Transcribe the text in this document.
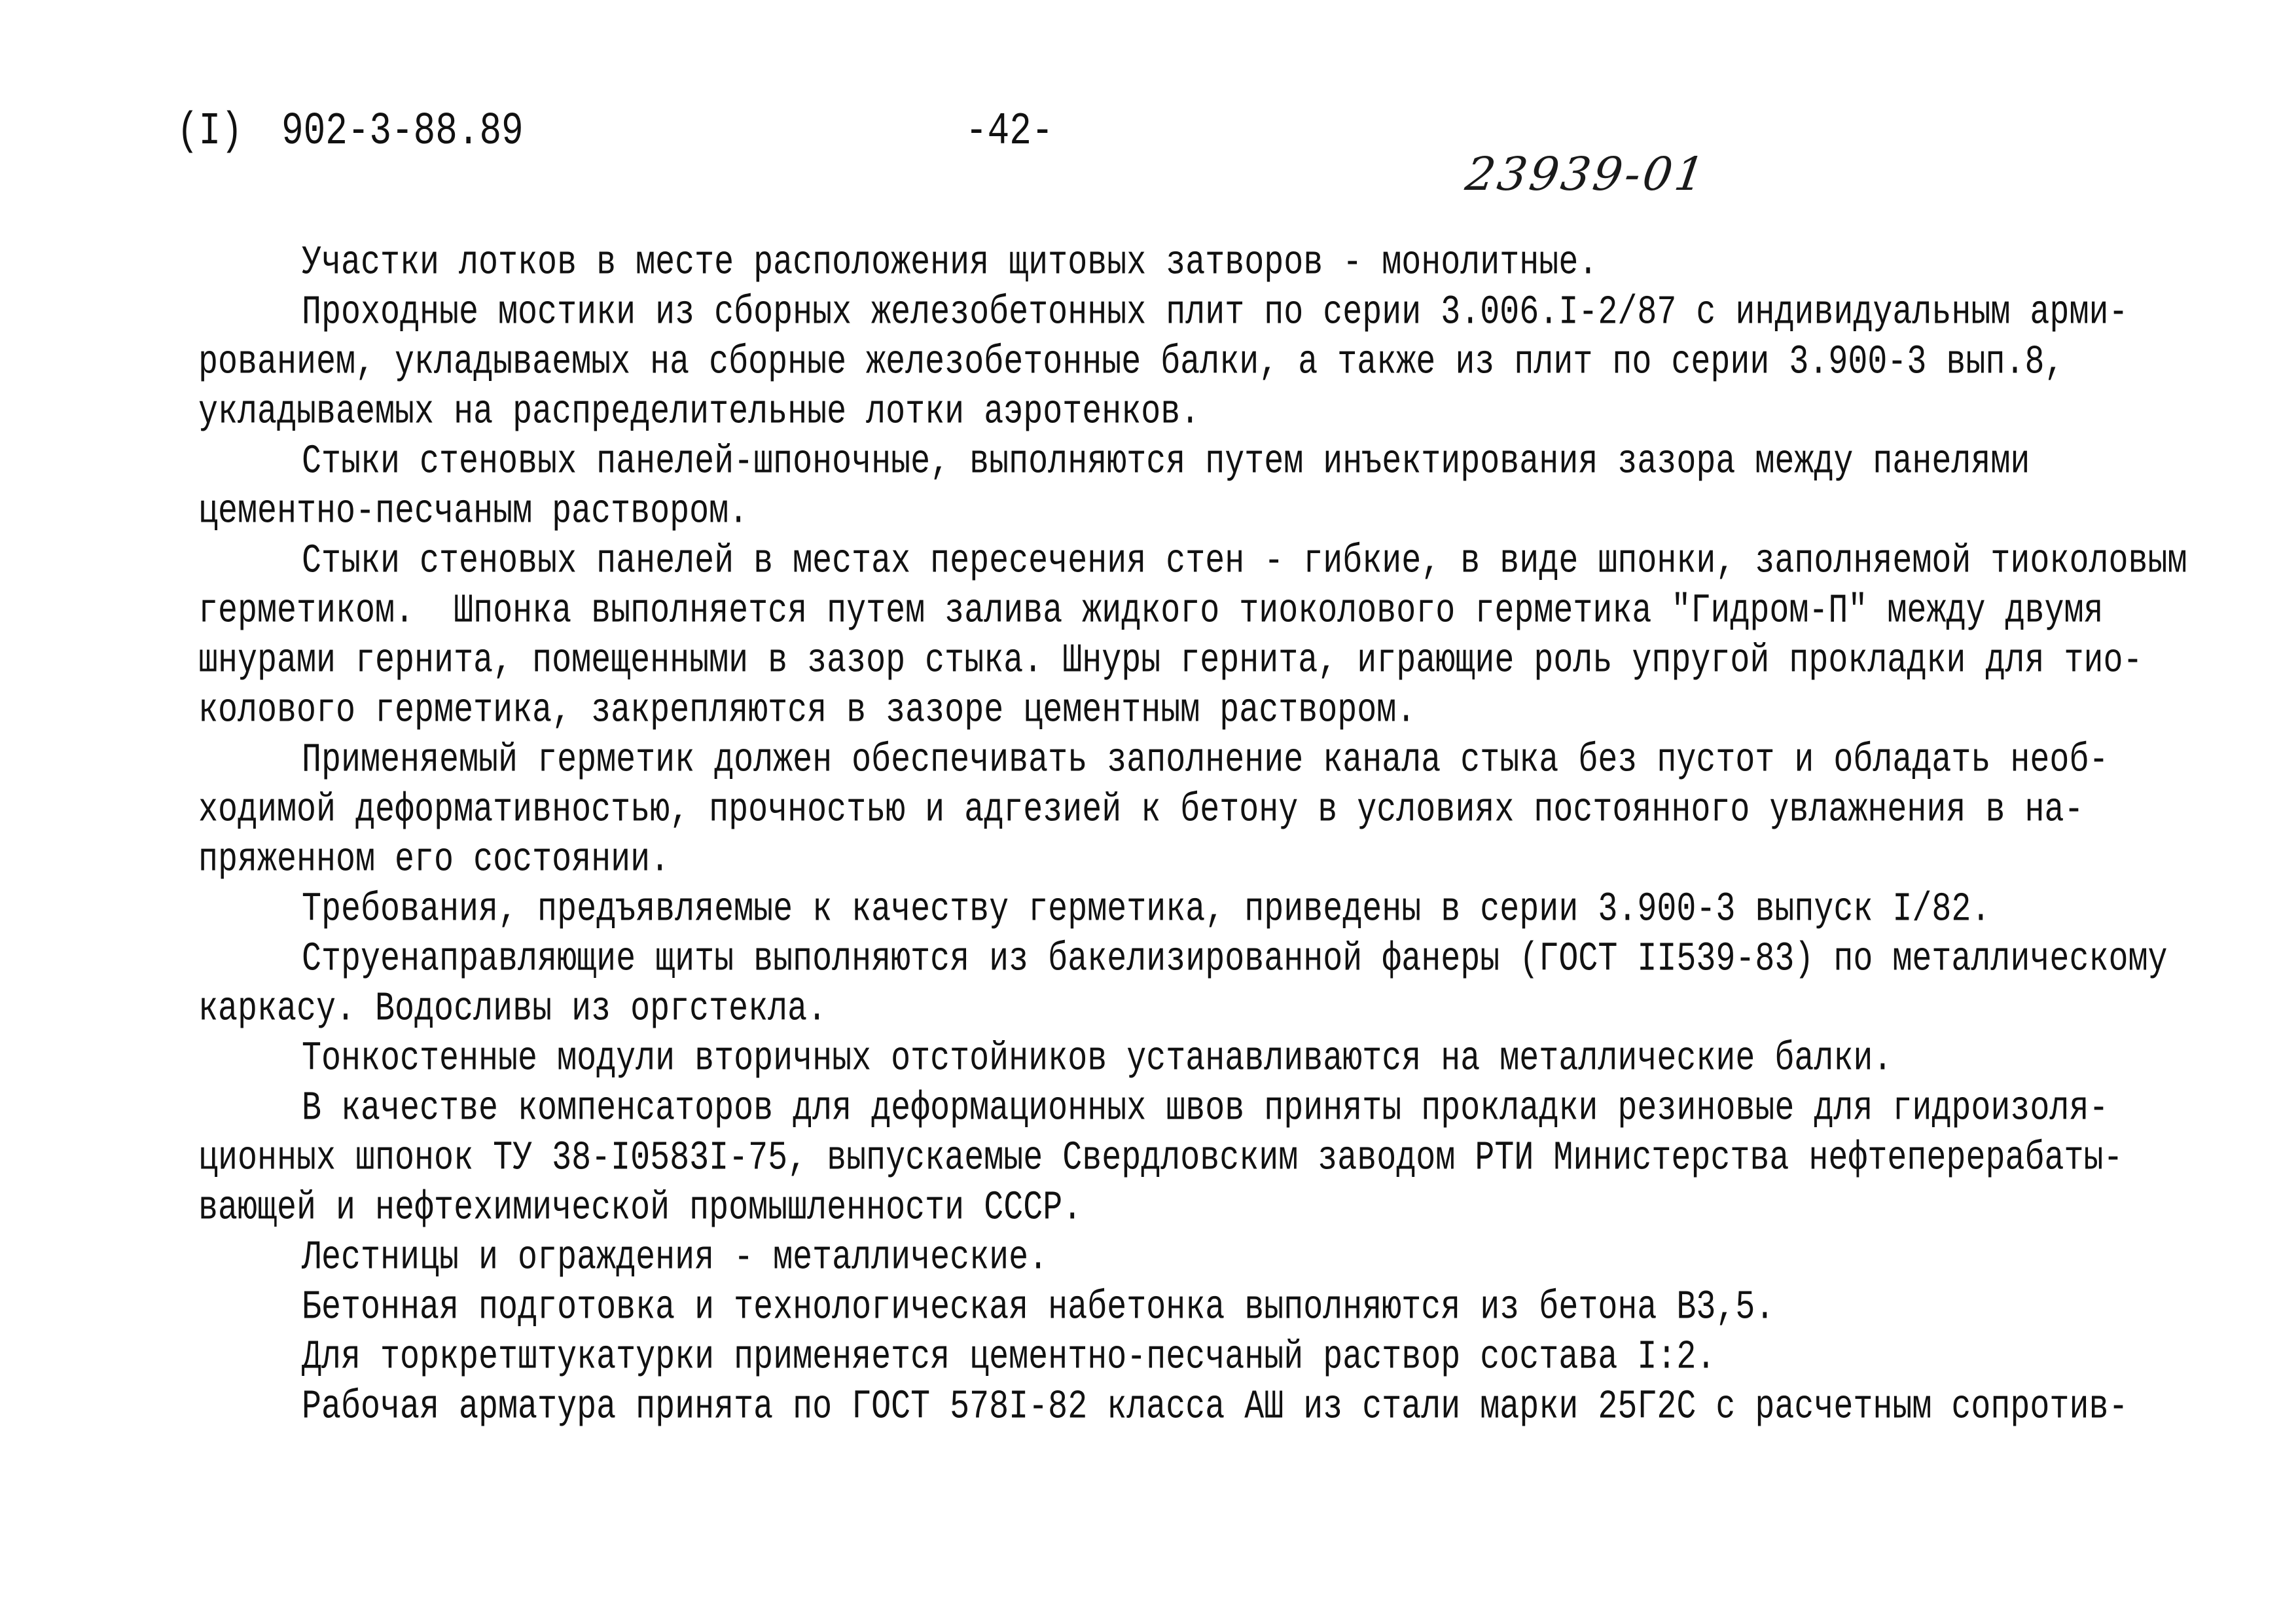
(I) 902-3-88.89	-42-
23939-01
Участки лотков в месте расположения щитовых затворов - монолитные.
Проходные мостики из сборных железобетонных плит по серии 3.006.I-2/87 с индивидуальным арми-
рованием, укладываемых на сборные железобетонные балки, а также из плит по серии 3.900-3 вып.8,
укладываемых на распределительные лотки аэротенков.
Стыки стеновых панелей-шпоночные, выполняются путем инъектирования зазора между панелями
цементно-песчаным раствором.
Стыки стеновых панелей в местах пересечения стен - гибкие, в виде шпонки, заполняемой тиоколовым
герметиком.  Шпонка выполняется путем залива жидкого тиоколового герметика "Гидром-П" между двумя
шнурами гернита, помещенными в зазор стыка. Шнуры гернита, играющие роль упругой прокладки для тио-
колового герметика, закрепляются в зазоре цементным раствором.
Применяемый герметик должен обеспечивать заполнение канала стыка без пустот и обладать необ-
ходимой деформативностью, прочностью и адгезией к бетону в условиях постоянного увлажнения в на-
пряженном его состоянии.
Требования, предъявляемые к качеству герметика, приведены в серии 3.900-3 выпуск I/82.
Струенаправляющие щиты выполняются из бакелизированной фанеры (ГОСТ II539-83) по металлическому
каркасу. Водосливы из оргстекла.
Тонкостенные модули вторичных отстойников устанавливаются на металлические балки.
В качестве компенсаторов для деформационных швов приняты прокладки резиновые для гидроизоля-
ционных шпонок ТУ 38-I0583I-75, выпускаемые Свердловским заводом РТИ Министерства нефтеперерабаты-
вающей и нефтехимической промышленности СССР.
Лестницы и ограждения - металлические.
Бетонная подготовка и технологическая набетонка выполняются из бетона В3,5.
Для торкретштукатурки применяется цементно-песчаный раствор состава I:2.
Рабочая арматура принята по ГОСТ 578I-82 класса АШ из стали марки 25Г2С с расчетным сопротив-
